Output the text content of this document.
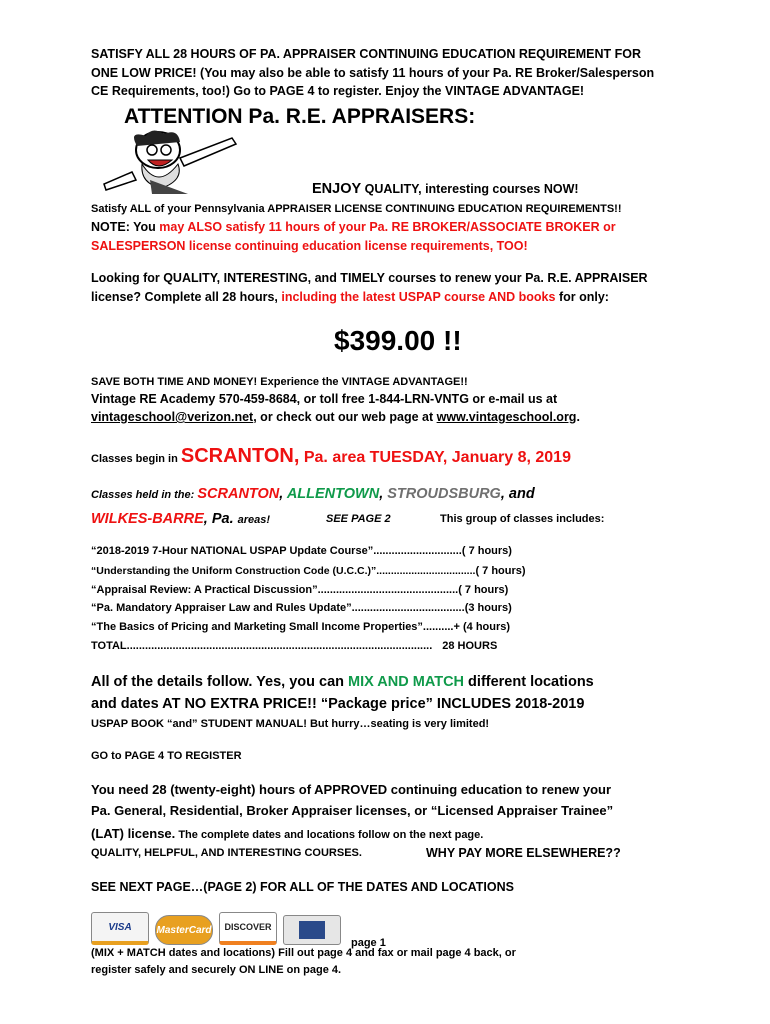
SATISFY ALL 28 HOURS OF PA. APPRAISER CONTINUING EDUCATION REQUIREMENT FOR
ONE LOW PRICE! (You may also be able to satisfy 11 hours of your Pa. RE Broker/Salesperson
CE Requirements, too!) Go to PAGE 4 to register. Enjoy the VINTAGE ADVANTAGE!
ATTENTION Pa. R.E. APPRAISERS:
ENJOY QUALITY, interesting courses NOW!
Satisfy ALL of your Pennsylvania APPRAISER LICENSE CONTINUING EDUCATION REQUIREMENTS!!
NOTE: You may ALSO satisfy 11 hours of your Pa. RE BROKER/ASSOCIATE BROKER or
SALESPERSON license continuing education license requirements, TOO!
Looking for QUALITY, INTERESTING, and TIMELY courses to renew your Pa. R.E. APPRAISER
license? Complete all 28 hours, including the latest USPAP course AND books for only:
$399.00 !!
SAVE BOTH TIME AND MONEY! Experience the VINTAGE ADVANTAGE!!
Vintage RE Academy 570-459-8684, or toll free 1-844-LRN-VNTG or e-mail us at
vintageschool@verizon.net, or check out our web page at www.vintageschool.org.
Classes begin in SCRANTON, Pa. area TUESDAY, January 8, 2019
Classes held in the: SCRANTON, ALLENTOWN, STROUDSBURG, and
WILKES-BARRE, Pa. areas!	SEE PAGE 2	This group of classes includes:
“2018-2019 7-Hour NATIONAL USPAP Update Course”.............................( 7 hours)
“Understanding the Uniform Construction Code (U.C.C.)”..................................( 7 hours)
“Appraisal Review: A Practical Discussion”..............................................( 7 hours)
“Pa. Mandatory Appraiser Law and Rules Update”.....................................(3 hours)
“The Basics of Pricing and Marketing Small Income Properties”..........+ (4 hours)
TOTAL.................................................................................................... 28 HOURS
All of the details follow. Yes, you can MIX AND MATCH different locations
and dates AT NO EXTRA PRICE!! “Package price” INCLUDES 2018-2019
USPAP BOOK “and” STUDENT MANUAL! But hurry…seating is very limited!
GO to PAGE 4 TO REGISTER
You need 28 (twenty-eight) hours of APPROVED continuing education to renew your
Pa. General, Residential, Broker Appraiser licenses, or “Licensed Appraiser Trainee”
(LAT) license. The complete dates and locations follow on the next page.
QUALITY, HELPFUL, AND INTERESTING COURSES.	WHY PAY MORE ELSEWHERE??
SEE NEXT PAGE…(PAGE 2) FOR ALL OF THE DATES AND LOCATIONS
VISA MasterCard DISCOVER
page 1
(MIX + MATCH dates and locations) Fill out page 4 and fax or mail page 4 back, or
register safely and securely ON LINE on page 4.
